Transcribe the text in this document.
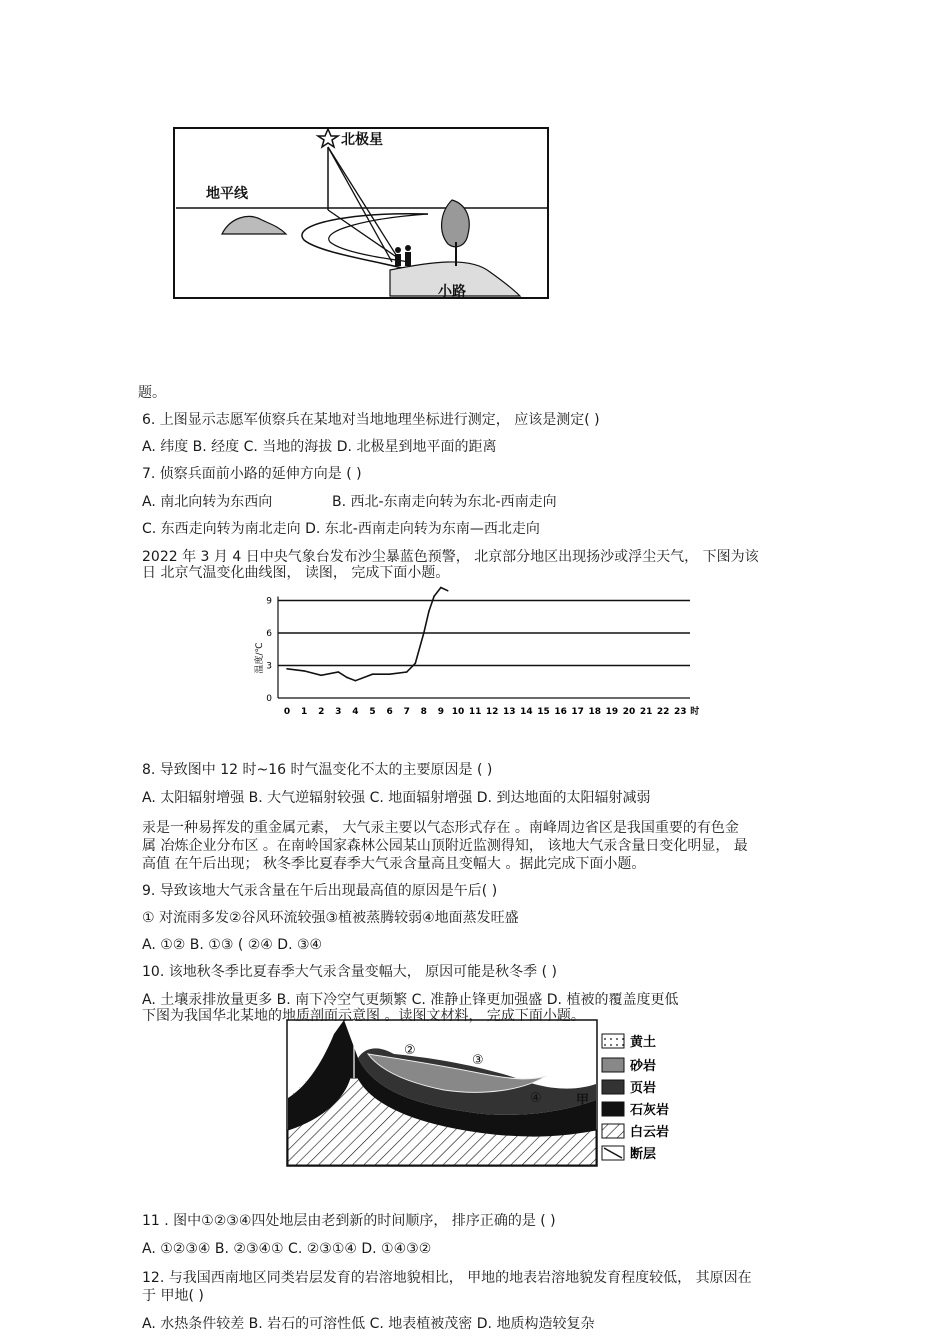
北极星
地平线
小路
题。
6. 上图显示志愿军侦察兵在某地对当地地理坐标进行测定， 应该是测定( )
A. 纬度 B. 经度 C. 当地的海拔 D. 北极星到地平面的距离
7. 侦察兵面前小路的延伸方向是 ( )
A. 南北向转为东西向	B. 西北-东南走向转为东北-西南走向
C. 东西走向转为南北走向 D. 东北-西南走向转为东南—西北走向
2022 年 3 月 4 日中央气象台发布沙尘暴蓝色预警， 北京部分地区出现扬沙或浮尘天气， 下图为该
日 北京气温变化曲线图， 读图， 完成下面小题。
0
3
6
9
0 1 2 3 4 5 6 7 8 9 10 11 12 13 14 15 16 17 18 19 20 21 22 23 时
温度/℃
8. 导致图中 12 时~16 时气温变化不太的主要原因是 ( )
A. 太阳辐射增强 B. 大气逆辐射较强 C. 地面辐射增强 D. 到达地面的太阳辐射减弱
汞是一种易挥发的重金属元素， 大气汞主要以气态形式存在 。南峰周边省区是我国重要的有色金
属 冶炼企业分布区 。在南岭国家森林公园某山顶附近监测得知， 该地大气汞含量日变化明显， 最
高值 在午后出现； 秋冬季比夏春季大气汞含量高且变幅大 。据此完成下面小题。
9. 导致该地大气汞含量在午后出现最高值的原因是午后( )
① 对流雨多发②谷风环流较强③植被蒸腾较弱④地面蒸发旺盛
A. ①② B. ①③ ( ②④ D. ③④
10. 该地秋冬季比夏春季大气汞含量变幅大， 原因可能是秋冬季 ( )
A. 土壤汞排放量更多 B. 南下冷空气更频繁 C. 准静止锋更加强盛 D. 植被的覆盖度更低
下图为我国华北某地的地质剖面示意图 。读图文材料， 完成下面小题。
②
③
④	甲
黄土
砂岩
页岩
石灰岩
白云岩
断层
11 . 图中①②③④四处地层由老到新的时间顺序， 排序正确的是 ( )
A. ①②③④ B. ②③④① C. ②③①④ D. ①④③②
12. 与我国西南地区同类岩层发育的岩溶地貌相比， 甲地的地表岩溶地貌发育程度较低， 其原因在
于 甲地( )
A. 水热条件较差 B. 岩石的可溶性低 C. 地表植被茂密 D. 地质构造较复杂
